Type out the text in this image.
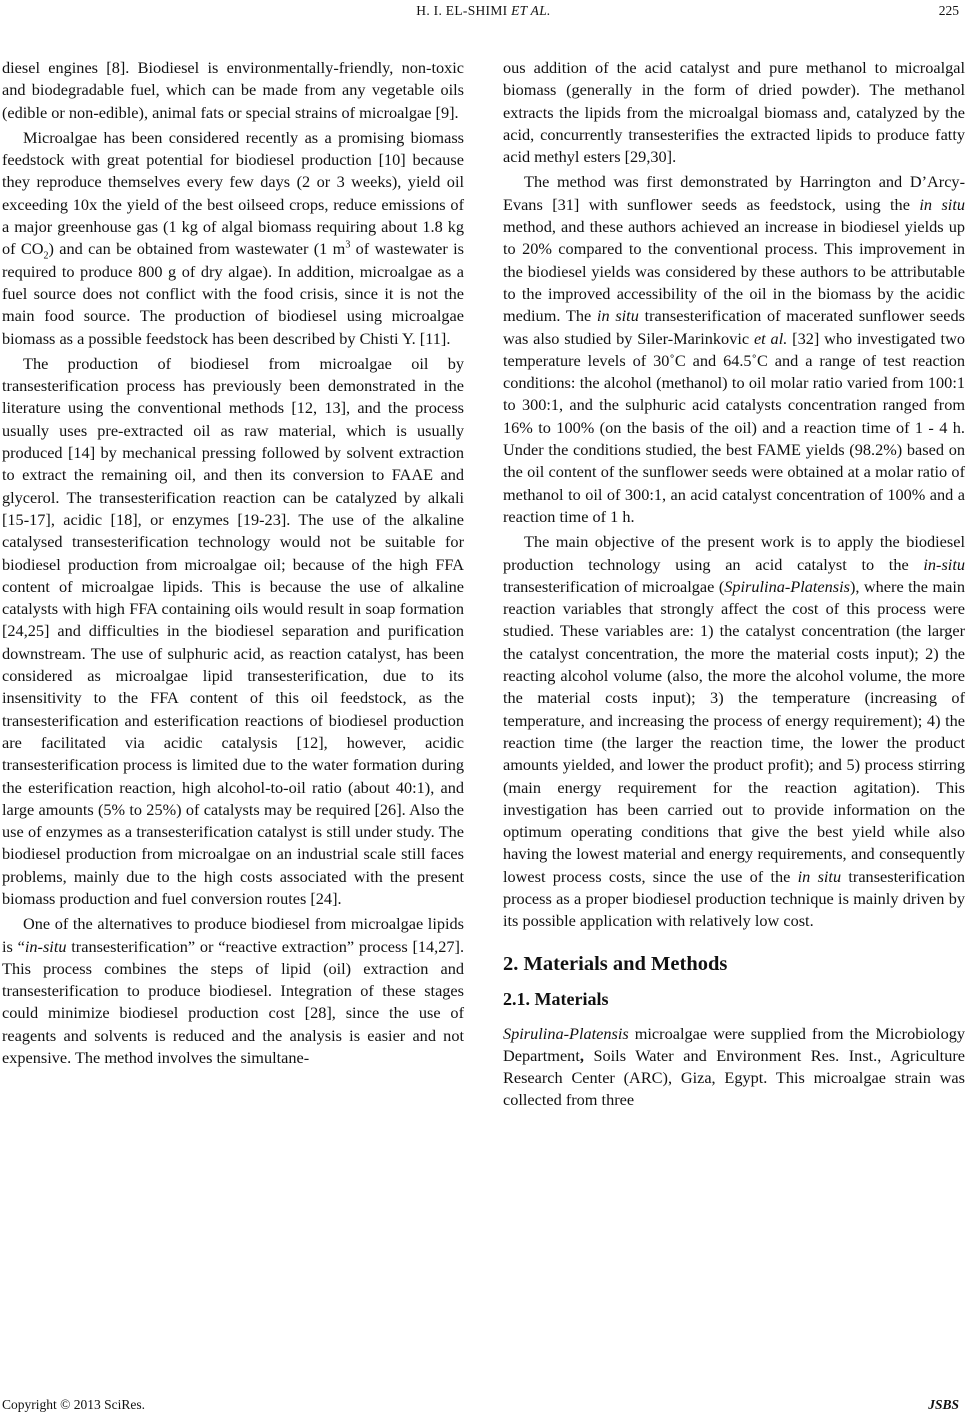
H. I. EL-SHIMI ET AL.	225

diesel engines [8]. Biodiesel is environmentally-friendly, non-toxic and biodegradable fuel, which can be made from any vegetable oils (edible or non-edible), animal fats or special strains of microalgae [9].

Microalgae has been considered recently as a promising biomass feedstock with great potential for biodiesel production [10] because they reproduce themselves every few days (2 or 3 weeks), yield oil exceeding 10x the yield of the best oilseed crops, reduce emissions of a major greenhouse gas (1 kg of algal biomass requiring about 1.8 kg of $CO_2$) and can be obtained from wastewater (1 $m^3$ of wastewater is required to produce 800 g of dry algae). In addition, microalgae as a fuel source does not conflict with the food crisis, since it is not the main food source. The production of biodiesel using microalgae biomass as a possible feedstock has been described by Chisti Y. [11].

The production of biodiesel from microalgae oil by transesterification process has previously been demonstrated in the literature using the conventional methods [12, 13], and the process usually uses pre-extracted oil as raw material, which is usually produced [14] by mechanical pressing followed by solvent extraction to extract the remaining oil, and then its conversion to FAAE and glycerol. The transesterification reaction can be catalyzed by alkali [15-17], acidic [18], or enzymes [19-23]. The use of the alkaline catalysed transesterification technology would not be suitable for biodiesel production from microalgae oil; because of the high FFA content of microalgae lipids. This is because the use of alkaline catalysts with high FFA containing oils would result in soap formation [24,25] and difficulties in the biodiesel separation and purification downstream. The use of sulphuric acid, as reaction catalyst, has been considered as microalgae lipid transesterification, due to its insensitivity to the FFA content of this oil feedstock, as the transesterification and esterification reactions of biodiesel production are facilitated via acidic catalysis [12], however, acidic transesterification process is limited due to the water formation during the esterification reaction, high alcohol-to-oil ratio (about 40:1), and large amounts (5% to 25%) of catalysts may be required [26]. Also the use of enzymes as a transesterification catalyst is still under study. The biodiesel production from microalgae on an industrial scale still faces problems, mainly due to the high costs associated with the present biomass production and fuel conversion routes [24].

One of the alternatives to produce biodiesel from microalgae lipids is “in-situ transesterification” or “reactive extraction” process [14,27]. This process combines the steps of lipid (oil) extraction and transesterification to produce biodiesel. Integration of these stages could minimize biodiesel production cost [28], since the use of reagents and solvents is reduced and the analysis is easier and not expensive. The method involves the simultane-

ous addition of the acid catalyst and pure methanol to microalgal biomass (generally in the form of dried powder). The methanol extracts the lipids from the microalgal biomass and, catalyzed by the acid, concurrently transesterifies the extracted lipids to produce fatty acid methyl esters [29,30].

The method was first demonstrated by Harrington and D’Arcy-Evans [31] with sunflower seeds as feedstock, using the in situ method, and these authors achieved an increase in biodiesel yields up to 20% compared to the conventional process. This improvement in the biodiesel yields was considered by these authors to be attributable to the improved accessibility of the oil in the biomass by the acidic medium. The in situ transesterification of macerated sunflower seeds was also studied by Siler-Marinkovic et al. [32] who investigated two temperature levels of 30˚C and 64.5˚C and a range of test reaction conditions: the alcohol (methanol) to oil molar ratio varied from 100:1 to 300:1, and the sulphuric acid catalysts concentration ranged from 16% to 100% (on the basis of the oil) and a reaction time of 1 - 4 h. Under the conditions studied, the best FAME yields (98.2%) based on the oil content of the sunflower seeds were obtained at a molar ratio of methanol to oil of 300:1, an acid catalyst concentration of 100% and a reaction time of 1 h.

The main objective of the present work is to apply the biodiesel production technology using an acid catalyst to the in-situ transesterification of microalgae (Spirulina-Platensis), where the main reaction variables that strongly affect the cost of this process were studied. These variables are: 1) the catalyst concentration (the larger the catalyst concentration, the more the material costs input); 2) the reacting alcohol volume (also, the more the alcohol volume, the more the material costs input); 3) the temperature (increasing of temperature, and increasing the process of energy requirement); 4) the reaction time (the larger the reaction time, the lower the product amounts yielded, and lower the product profit); and 5) process stirring (main energy requirement for the reaction agitation). This investigation has been carried out to provide information on the optimum operating conditions that give the best yield while also having the lowest material and energy requirements, and consequently lowest process costs, since the use of the in situ transesterification process as a proper biodiesel production technique is mainly driven by its possible application with relatively low cost.

2. Materials and Methods
2.1. Materials

Spirulina-Platensis microalgae were supplied from the Microbiology Department, Soils Water and Environment Res. Inst., Agriculture Research Center (ARC), Giza, Egypt. This microalgae strain was collected from three

Copyright © 2013 SciRes.	JSBS
